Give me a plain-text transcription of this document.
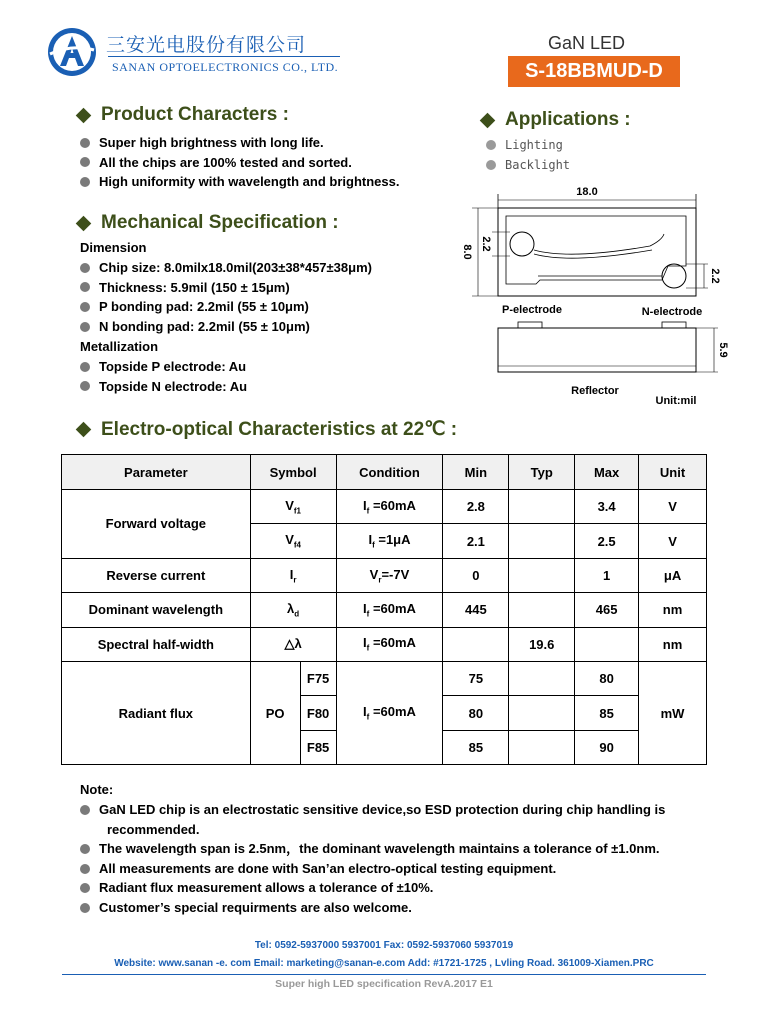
三安光电股份有限公司
SANAN OPTOELECTRONICS CO., LTD.
GaN LED
S-18BBMUD-D
Product Characters :
Super high brightness with long life.
All the chips are 100% tested and sorted.
High uniformity with wavelength and brightness.
Applications :
Lighting
Backlight
Mechanical Specification :
Dimension
Chip size: 8.0milx18.0mil(203±38*457±38μm)
Thickness: 5.9mil (150 ± 15μm)
P bonding pad: 2.2mil (55 ± 10μm)
N bonding pad: 2.2mil (55 ± 10μm)
Metallization
Topside P electrode: Au
Topside N electrode: Au
18.0
8.0
2.2
2.2
P-electrode	N-electrode
5.9
Reflector
Unit:mil
Electro-optical Characteristics at 22℃ :
Parameter	Symbol		Condition	Min	Typ	Max	Unit
Forward voltage	$V_{f1}$		$I_f =60mA$	2.8		3.4	V
	$V_{f4}$		$I_f =1\mu A$	2.1		2.5	V
Reverse current	$I_r$		$V_r=-7V$	0		1	μA
Dominant wavelength	$\lambda_d$		$I_f =60mA$	445		465	nm
Spectral half-width	△λ		$I_f =60mA$		19.6		nm
Radiant flux	PO	F75	$I_f =60mA$	75		80	mW
		F80		80		85	
		F85		85		90	
Note:
GaN LED chip is an electrostatic sensitive device,so ESD protection during chip handling is
recommended.
The wavelength span is 2.5nm，the dominant wavelength maintains a tolerance of ±1.0nm.
All measurements are done with San’an electro-optical testing equipment.
Radiant flux measurement allows a tolerance of ±10%.
Customer’s special requirments are also welcome.
Tel: 0592-5937000 5937001 Fax: 0592-5937060 5937019
Website: www.sanan -e. com Email: marketing@sanan-e.com Add: #1721-1725 , Lvling Road. 361009-Xiamen.PRC
Super high LED specification RevA.2017 E1
